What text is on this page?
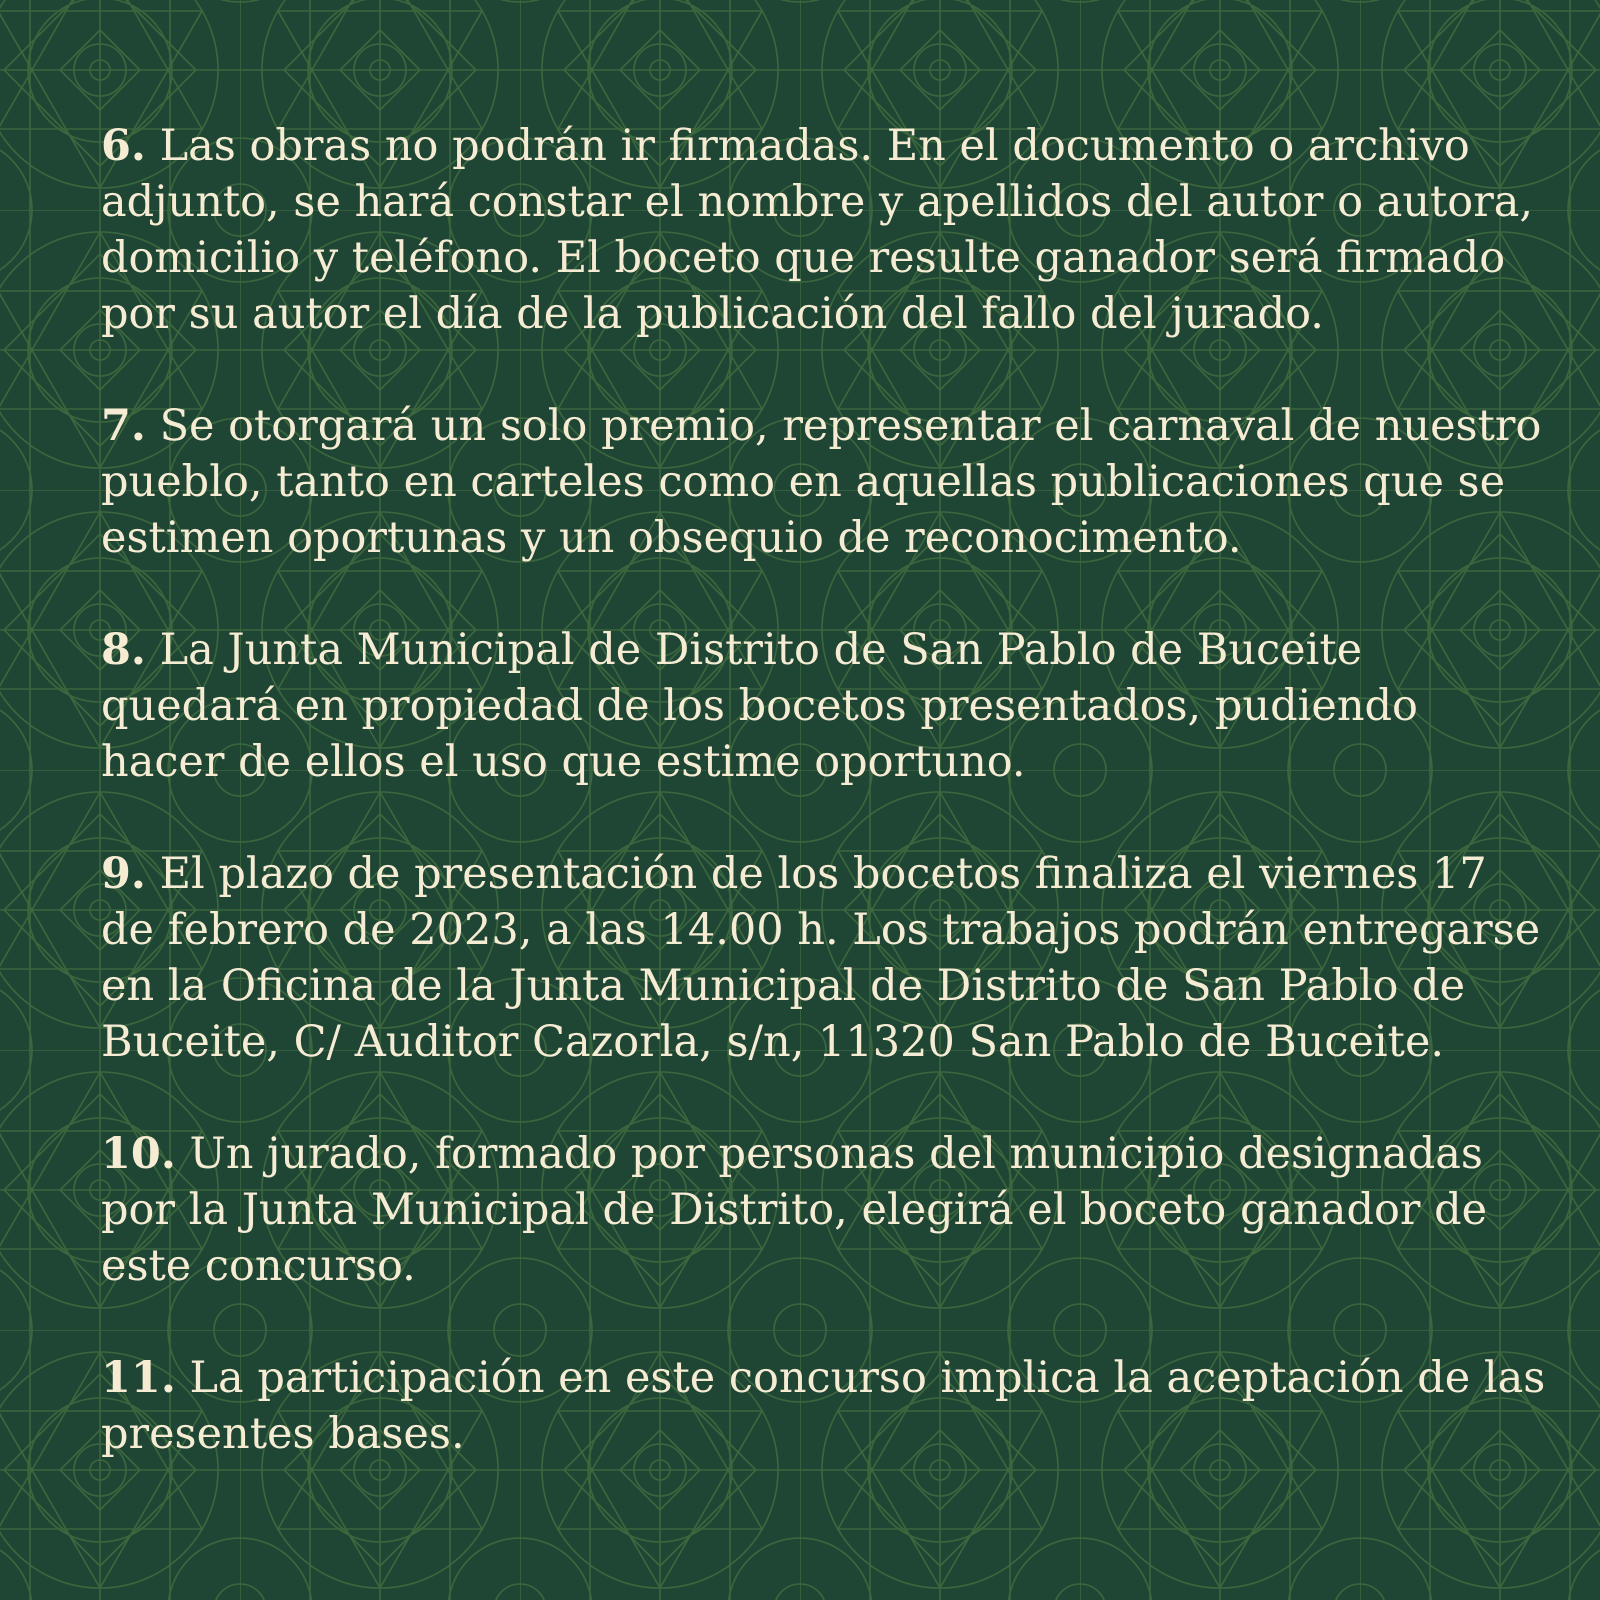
6. Las obras no podrán ir firmadas. En el documento o archivo
adjunto, se hará constar el nombre y apellidos del autor o autora,
domicilio y teléfono. El boceto que resulte ganador será firmado
por su autor el día de la publicación del fallo del jurado.
7. Se otorgará un solo premio, representar el carnaval de nuestro
pueblo, tanto en carteles como en aquellas publicaciones que se
estimen oportunas y un obsequio de reconocimento.
8. La Junta Municipal de Distrito de San Pablo de Buceite
quedará en propiedad de los bocetos presentados, pudiendo
hacer de ellos el uso que estime oportuno.
9. El plazo de presentación de los bocetos finaliza el viernes 17
de febrero de 2023, a las 14.00 h. Los trabajos podrán entregarse
en la Oficina de la Junta Municipal de Distrito de San Pablo de
Buceite, C/ Auditor Cazorla, s/n, 11320 San Pablo de Buceite.
10. Un jurado, formado por personas del municipio designadas
por la Junta Municipal de Distrito, elegirá el boceto ganador de
este concurso.
11. La participación en este concurso implica la aceptación de las
presentes bases.
